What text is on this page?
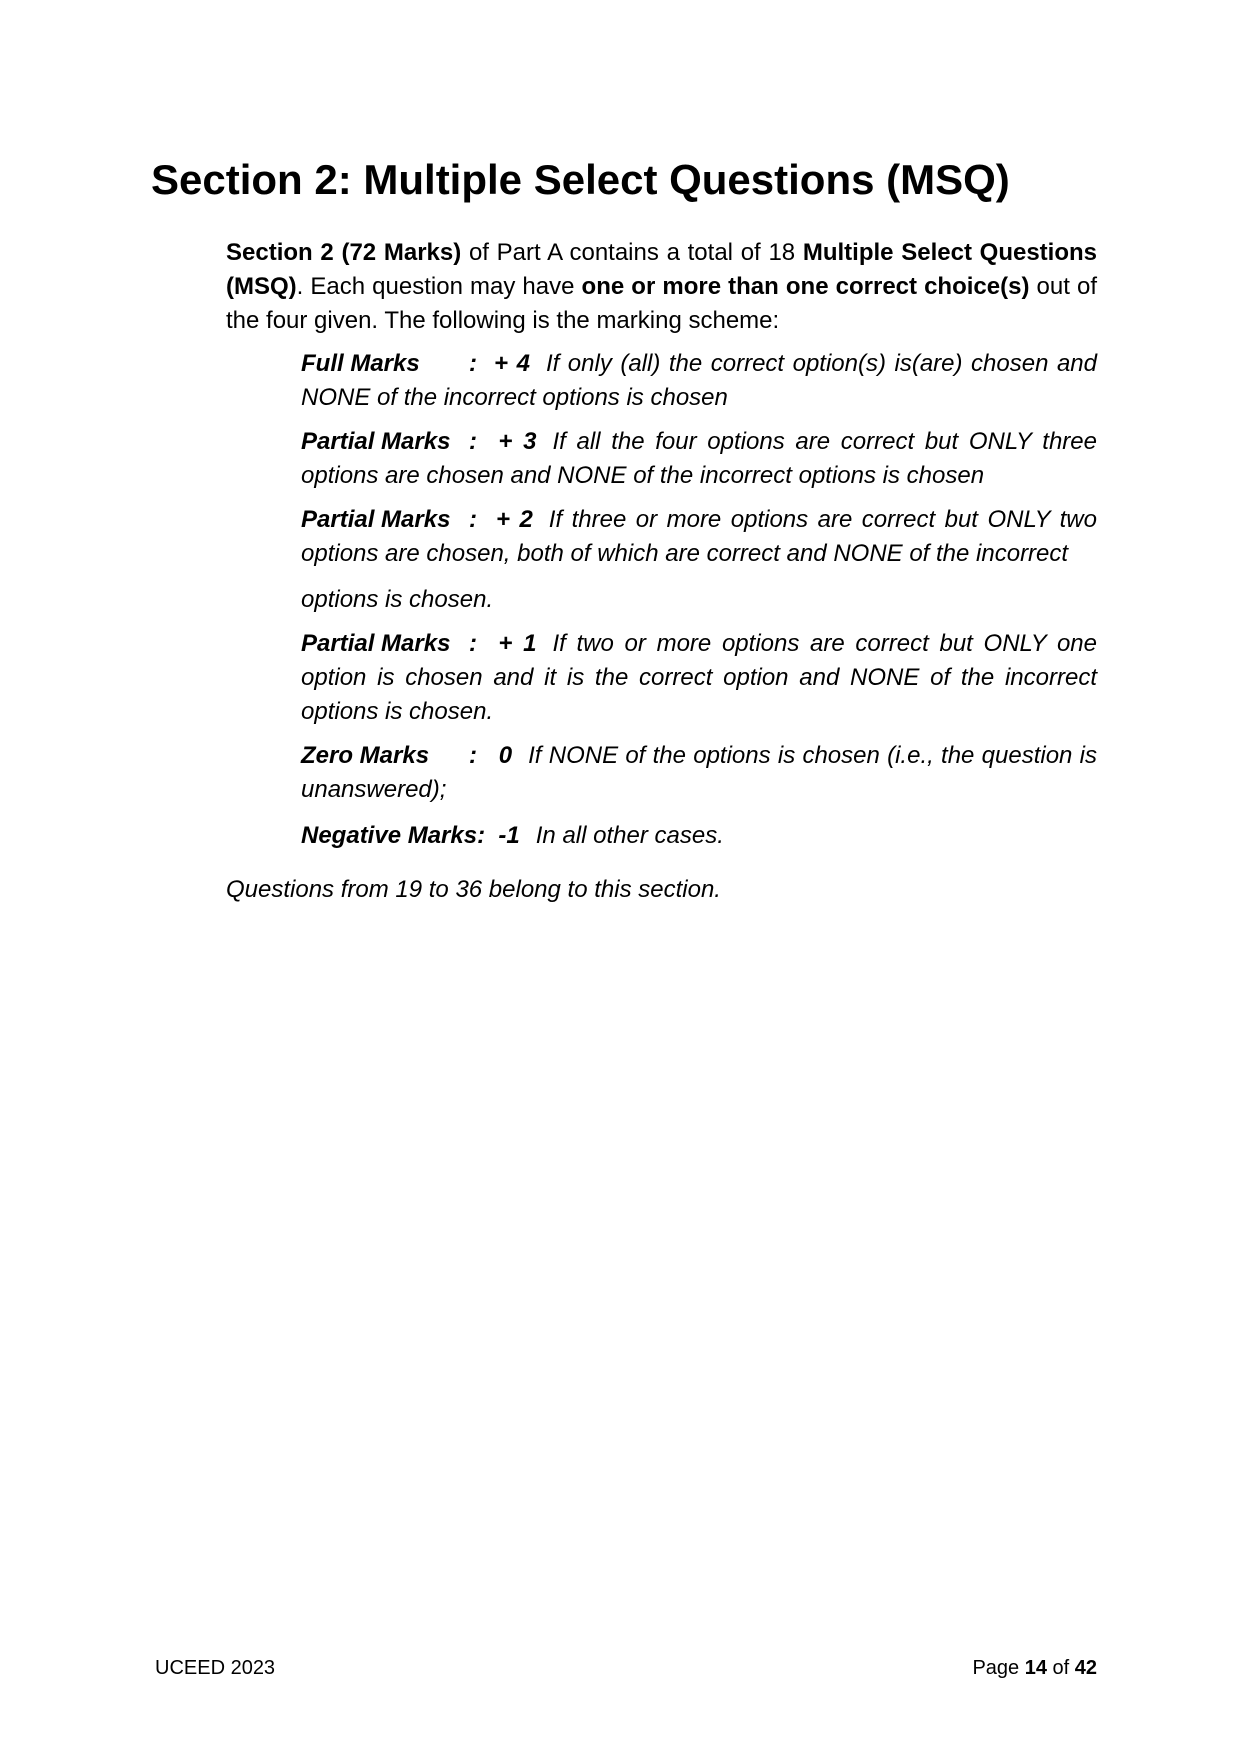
Section 2: Multiple Select Questions (MSQ)

Section 2 (72 Marks) of Part A contains a total of 18 Multiple Select Questions (MSQ). Each question may have one or more than one correct choice(s) out of the four given. The following is the marking scheme:

Full Marks : + 4 If only (all) the correct option(s) is(are) chosen and NONE of the incorrect options is chosen

Partial Marks : + 3 If all the four options are correct but ONLY three options are chosen and NONE of the incorrect options is chosen

Partial Marks : + 2 If three or more options are correct but ONLY two options are chosen, both of which are correct and NONE of the incorrect

options is chosen.

Partial Marks : + 1 If two or more options are correct but ONLY one option is chosen and it is the correct option and NONE of the incorrect options is chosen.

Zero Marks : 0 If NONE of the options is chosen (i.e., the question is unanswered);

Negative Marks: -1 In all other cases.

Questions from 19 to 36 belong to this section.

UCEED 2023	Page 14 of 42
